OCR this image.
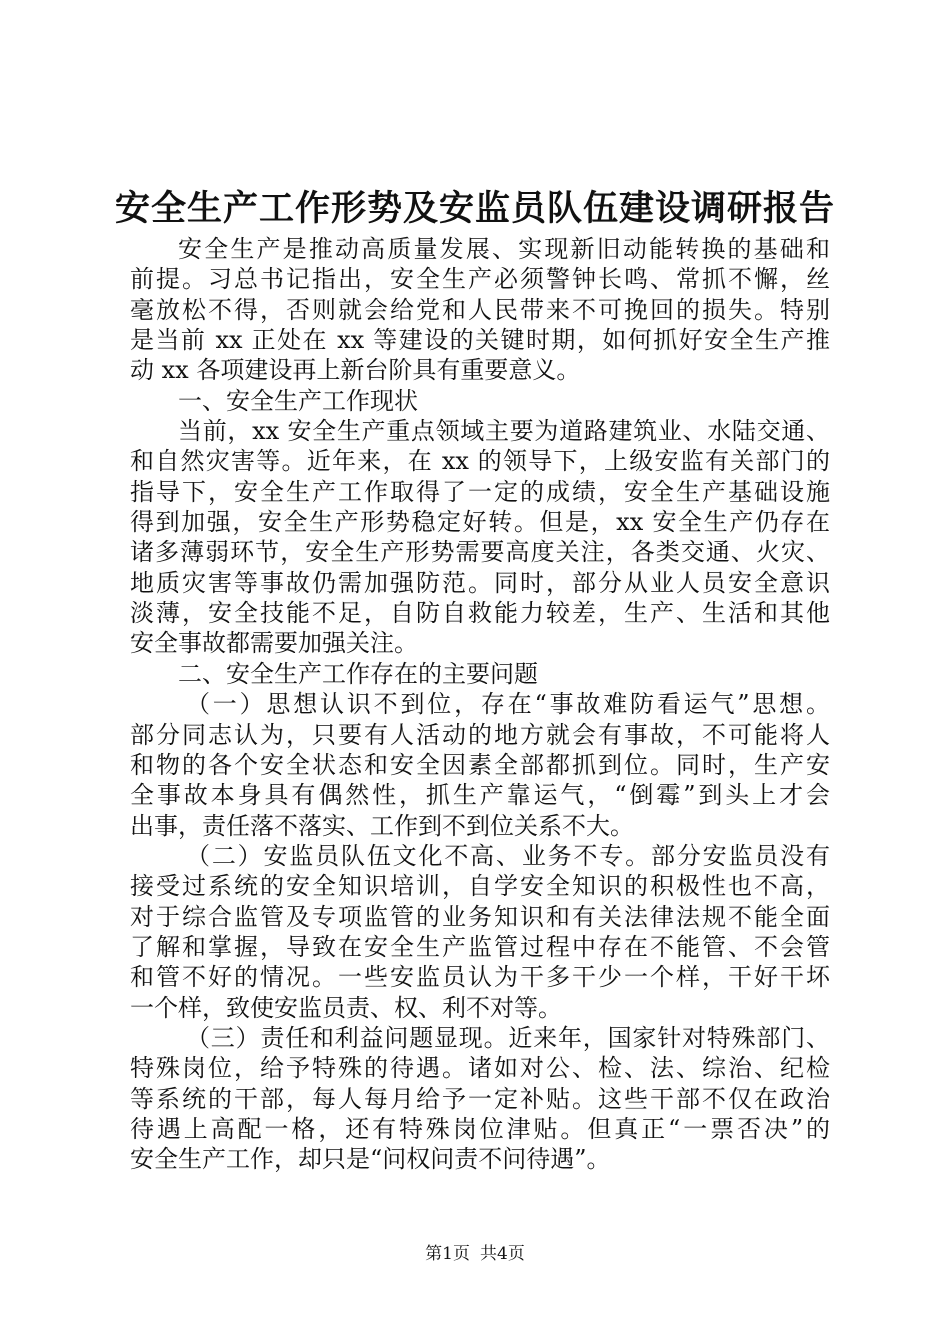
安全生产工作形势及安监员队伍建设调研报告
安全生产是推动高质量发展、实现新旧动能转换的基础和
前提。习总书记指出，安全生产必须警钟长鸣、常抓不懈，丝
毫放松不得，否则就会给党和人民带来不可挽回的损失。特别
是当前 xx 正处在 xx 等建设的关键时期，如何抓好安全生产推
动 xx 各项建设再上新台阶具有重要意义。
一、安全生产工作现状
当前，xx 安全生产重点领域主要为道路建筑业、水陆交通、
和自然灾害等。近年来，在 xx 的领导下，上级安监有关部门的
指导下，安全生产工作取得了一定的成绩，安全生产基础设施
得到加强，安全生产形势稳定好转。但是，xx 安全生产仍存在
诸多薄弱环节，安全生产形势需要高度关注，各类交通、火灾、
地质灾害等事故仍需加强防范。同时，部分从业人员安全意识
淡薄，安全技能不足，自防自救能力较差，生产、生活和其他
安全事故都需要加强关注。
二、安全生产工作存在的主要问题
（一）思想认识不到位，存在“事故难防看运气”思想。
部分同志认为，只要有人活动的地方就会有事故，不可能将人
和物的各个安全状态和安全因素全部都抓到位。同时，生产安
全事故本身具有偶然性，抓生产靠运气，“倒霉”到头上才会
出事，责任落不落实、工作到不到位关系不大。
（二）安监员队伍文化不高、业务不专。部分安监员没有
接受过系统的安全知识培训，自学安全知识的积极性也不高，
对于综合监管及专项监管的业务知识和有关法律法规不能全面
了解和掌握，导致在安全生产监管过程中存在不能管、不会管
和管不好的情况。一些安监员认为干多干少一个样，干好干坏
一个样，致使安监员责、权、利不对等。
（三）责任和利益问题显现。近来年，国家针对特殊部门、
特殊岗位，给予特殊的待遇。诸如对公、检、法、综治、纪检
等系统的干部，每人每月给予一定补贴。这些干部不仅在政治
待遇上高配一格，还有特殊岗位津贴。但真正“一票否决”的
安全生产工作，却只是“问权问责不问待遇”。
第1页 共4页
